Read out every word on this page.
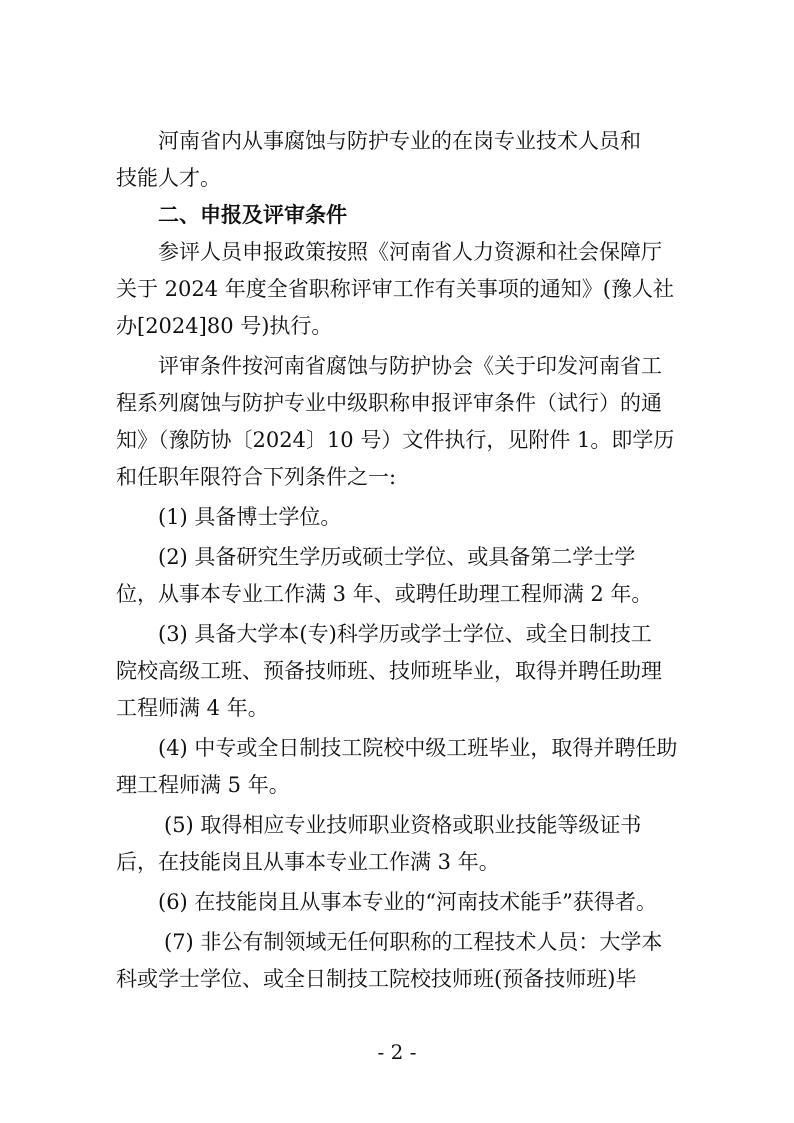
河南省内从事腐蚀与防护专业的在岗专业技术人员和
技能人才。
二、申报及评审条件
参评人员申报政策按照《河南省人力资源和社会保障厅
关于 2024 年度全省职称评审工作有关事项的通知》(豫人社
办[2024]80 号)执行。
评审条件按河南省腐蚀与防护协会《关于印发河南省工
程系列腐蚀与防护专业中级职称申报评审条件（试行）的通
知》（豫防协〔2024〕10 号）文件执行，见附件 1。即学历
和任职年限符合下列条件之一:
(1) 具备博士学位。
(2) 具备研究生学历或硕士学位、或具备第二学士学
位，从事本专业工作满 3 年、或聘任助理工程师满 2 年。
(3) 具备大学本(专)科学历或学士学位、或全日制技工
院校高级工班、预备技师班、技师班毕业，取得并聘任助理
工程师满 4 年。
(4) 中专或全日制技工院校中级工班毕业，取得并聘任助
理工程师满 5 年。
(5) 取得相应专业技师职业资格或职业技能等级证书
后，在技能岗且从事本专业工作满 3 年。
(6) 在技能岗且从事本专业的“河南技术能手”获得者。
(7) 非公有制领域无任何职称的工程技术人员：大学本
科或学士学位、或全日制技工院校技师班(预备技师班)毕
- 2 -
